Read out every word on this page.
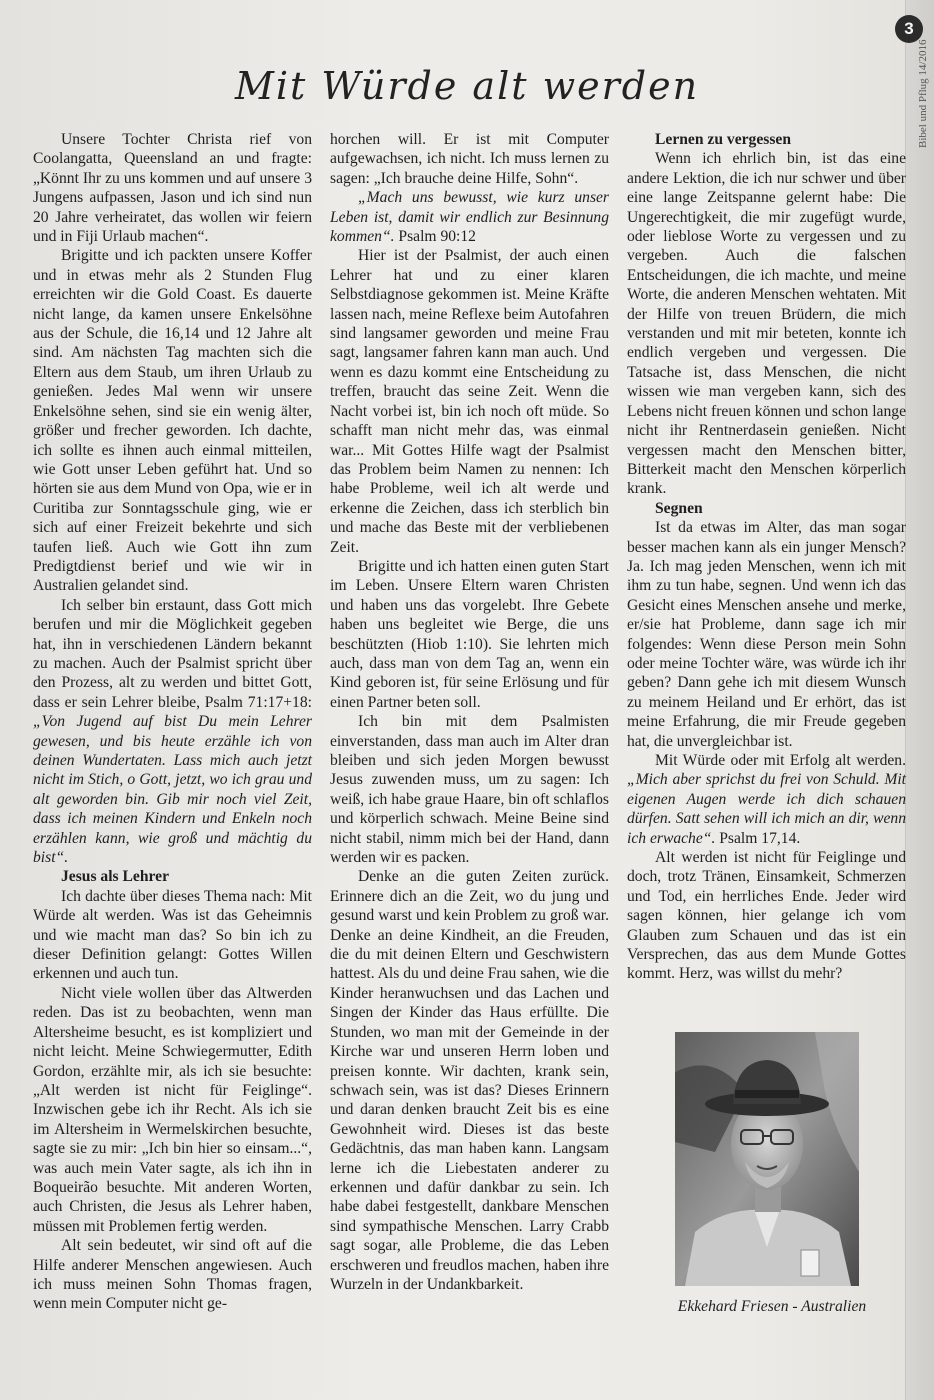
3
Bibel und Pflug 14/2016
Mit Würde alt werden

Unsere Tochter Christa rief von Coolangatta, Queensland an und fragte: „Könnt Ihr zu uns kommen und auf unsere 3 Jungens aufpassen, Jason und ich sind nun 20 Jahre verheiratet, das wollen wir feiern und in Fiji Urlaub machen“.

Brigitte und ich packten unsere Koffer und in etwas mehr als 2 Stunden Flug erreichten wir die Gold Coast. Es dauerte nicht lange, da kamen unsere Enkelsöhne aus der Schule, die 16,14 und 12 Jahre alt sind. Am nächsten Tag machten sich die Eltern aus dem Staub, um ihren Urlaub zu genießen. Jedes Mal wenn wir unsere Enkelsöhne sehen, sind sie ein wenig älter, größer und frecher geworden. Ich dachte, ich sollte es ihnen auch einmal mitteilen, wie Gott unser Leben geführt hat. Und so hörten sie aus dem Mund von Opa, wie er in Curitiba zur Sonntagsschule ging, wie er sich auf einer Freizeit bekehrte und sich taufen ließ. Auch wie Gott ihn zum Predigtdienst berief und wie wir in Australien gelandet sind.

Ich selber bin erstaunt, dass Gott mich berufen und mir die Möglichkeit gegeben hat, ihn in verschiedenen Ländern bekannt zu machen. Auch der Psalmist spricht über den Prozess, alt zu werden und bittet Gott, dass er sein Lehrer bleibe, Psalm 71:17+18: „Von Jugend auf bist Du mein Lehrer gewesen, und bis heute erzähle ich von deinen Wundertaten. Lass mich auch jetzt nicht im Stich, o Gott, jetzt, wo ich grau und alt geworden bin. Gib mir noch viel Zeit, dass ich meinen Kindern und Enkeln noch erzählen kann, wie groß und mächtig du bist“.

Jesus als Lehrer

Ich dachte über dieses Thema nach: Mit Würde alt werden. Was ist das Geheimnis und wie macht man das? So bin ich zu dieser Definition gelangt: Gottes Willen erkennen und auch tun.

Nicht viele wollen über das Altwerden reden. Das ist zu beobachten, wenn man Altersheime besucht, es ist kompliziert und nicht leicht. Meine Schwiegermutter, Edith Gordon, erzählte mir, als ich sie besuchte: „Alt werden ist nicht für Feiglinge“. Inzwischen gebe ich ihr Recht. Als ich sie im Altersheim in Wermelskirchen besuchte, sagte sie zu mir: „Ich bin hier so einsam...“, was auch mein Vater sagte, als ich ihn in Boqueirão besuchte. Mit anderen Worten, auch Christen, die Jesus als Lehrer haben, müssen mit Problemen fertig werden.

Alt sein bedeutet, wir sind oft auf die Hilfe anderer Menschen angewiesen. Auch ich muss meinen Sohn Thomas fragen, wenn mein Computer nicht ge-

horchen will. Er ist mit Computer aufgewachsen, ich nicht. Ich muss lernen zu sagen: „Ich brauche deine Hilfe, Sohn“.

„Mach uns bewusst, wie kurz unser Leben ist, damit wir endlich zur Besinnung kommen“. Psalm 90:12

Hier ist der Psalmist, der auch einen Lehrer hat und zu einer klaren Selbstdiagnose gekommen ist. Meine Kräfte lassen nach, meine Reflexe beim Autofahren sind langsamer geworden und meine Frau sagt, langsamer fahren kann man auch. Und wenn es dazu kommt eine Entscheidung zu treffen, braucht das seine Zeit. Wenn die Nacht vorbei ist, bin ich noch oft müde. So schafft man nicht mehr das, was einmal war... Mit Gottes Hilfe wagt der Psalmist das Problem beim Namen zu nennen: Ich habe Probleme, weil ich alt werde und erkenne die Zeichen, dass ich sterblich bin und mache das Beste mit der verbliebenen Zeit.

Brigitte und ich hatten einen guten Start im Leben. Unsere Eltern waren Christen und haben uns das vorgelebt. Ihre Gebete haben uns begleitet wie Berge, die uns beschützten (Hiob 1:10). Sie lehrten mich auch, dass man von dem Tag an, wenn ein Kind geboren ist, für seine Erlösung und für einen Partner beten soll.

Ich bin mit dem Psalmisten einverstanden, dass man auch im Alter dran bleiben und sich jeden Morgen bewusst Jesus zuwenden muss, um zu sagen: Ich weiß, ich habe graue Haare, bin oft schlaflos und körperlich schwach. Meine Beine sind nicht stabil, nimm mich bei der Hand, dann werden wir es packen.

Denke an die guten Zeiten zurück. Erinnere dich an die Zeit, wo du jung und gesund warst und kein Problem zu groß war. Denke an deine Kindheit, an die Freuden, die du mit deinen Eltern und Geschwistern hattest. Als du und deine Frau sahen, wie die Kinder heranwuchsen und das Lachen und Singen der Kinder das Haus erfüllte. Die Stunden, wo man mit der Gemeinde in der Kirche war und unseren Herrn loben und preisen konnte. Wir dachten, krank sein, schwach sein, was ist das? Dieses Erinnern und daran denken braucht Zeit bis es eine Gewohnheit wird. Dieses ist das beste Gedächtnis, das man haben kann. Langsam lerne ich die Liebestaten anderer zu erkennen und dafür dankbar zu sein. Ich habe dabei festgestellt, dankbare Menschen sind sympathische Menschen. Larry Crabb sagt sogar, alle Probleme, die das Leben erschweren und freudlos machen, haben ihre Wurzeln in der Undankbarkeit.

Lernen zu vergessen

Wenn ich ehrlich bin, ist das eine andere Lektion, die ich nur schwer und über eine lange Zeitspanne gelernt habe: Die Ungerechtigkeit, die mir zugefügt wurde, oder lieblose Worte zu vergessen und zu vergeben. Auch die falschen Entscheidungen, die ich machte, und meine Worte, die anderen Menschen wehtaten. Mit der Hilfe von treuen Brüdern, die mich verstanden und mit mir beteten, konnte ich endlich vergeben und vergessen. Die Tatsache ist, dass Menschen, die nicht wissen wie man vergeben kann, sich des Lebens nicht freuen können und schon lange nicht ihr Rentnerdasein genießen. Nicht vergessen macht den Menschen bitter, Bitterkeit macht den Menschen körperlich krank.

Segnen

Ist da etwas im Alter, das man sogar besser machen kann als ein junger Mensch? Ja. Ich mag jeden Menschen, wenn ich mit ihm zu tun habe, segnen. Und wenn ich das Gesicht eines Menschen ansehe und merke, er/sie hat Probleme, dann sage ich mir folgendes: Wenn diese Person mein Sohn oder meine Tochter wäre, was würde ich ihr geben? Dann gehe ich mit diesem Wunsch zu meinem Heiland und Er erhört, das ist meine Erfahrung, die mir Freude gegeben hat, die unvergleichbar ist.

Mit Würde oder mit Erfolg alt werden. „Mich aber sprichst du frei von Schuld. Mit eigenen Augen werde ich dich schauen dürfen. Satt sehen will ich mich an dir, wenn ich erwache“. Psalm 17,14.

Alt werden ist nicht für Feiglinge und doch, trotz Tränen, Einsamkeit, Schmerzen und Tod, ein herrliches Ende. Jeder wird sagen können, hier gelange ich vom Glauben zum Schauen und das ist ein Versprechen, das aus dem Munde Gottes kommt. Herz, was willst du mehr?

Ekkehard Friesen - Australien
